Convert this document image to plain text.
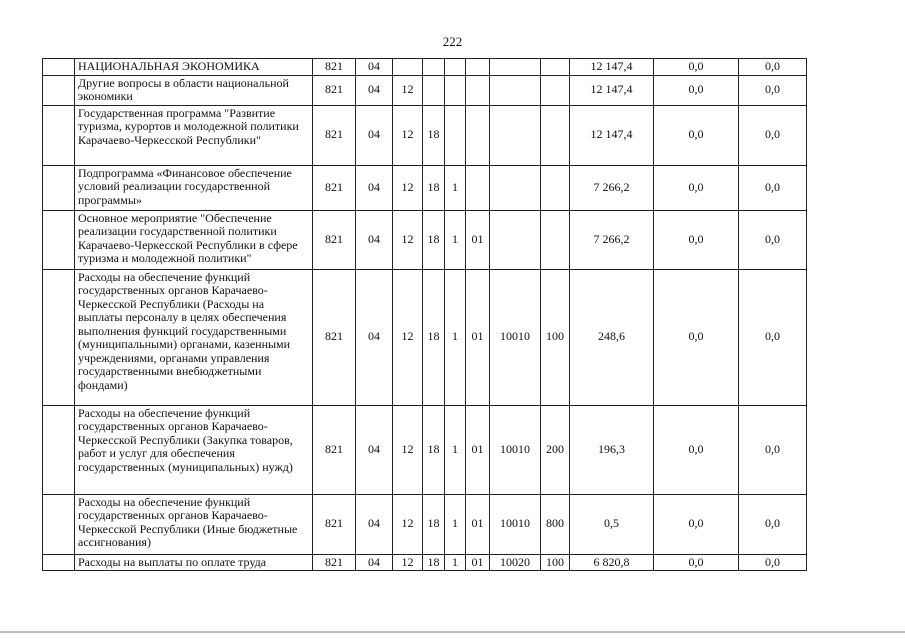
222
	НАЦИОНАЛЬНАЯ ЭКОНОМИКА	821	04							12 147,4	0,0	0,0
	Другие вопросы в области национальной экономики	821	04	12						12 147,4	0,0	0,0
	Государственная программа "Развитие туризма, курортов и молодежной политики Карачаево-Черкесской Республики"	821	04	12	18					12 147,4	0,0	0,0
	Подпрограмма «Финансовое обеспечение условий реализации государственной программы»	821	04	12	18	1				7 266,2	0,0	0,0
	Основное мероприятие "Обеспечение реализации государственной политики Карачаево-Черкесской Республики в сфере туризма и молодежной политики"	821	04	12	18	1	01			7 266,2	0,0	0,0
	Расходы на обеспечение функций государственных органов Карачаево-Черкесской Республики (Расходы на выплаты персоналу в целях обеспечения выполнения функций государственными (муниципальными) органами, казенными учреждениями, органами управления государственными внебюджетными фондами)	821	04	12	18	1	01	10010	100	248,6	0,0	0,0
	Расходы на обеспечение функций государственных органов Карачаево-Черкесской Республики (Закупка товаров, работ и услуг для обеспечения государственных (муниципальных) нужд)	821	04	12	18	1	01	10010	200	196,3	0,0	0,0
	Расходы на обеспечение функций государственных органов Карачаево-Черкесской Республики (Иные бюджетные ассигнования)	821	04	12	18	1	01	10010	800	0,5	0,0	0,0
	Расходы на выплаты по оплате труда	821	04	12	18	1	01	10020	100	6 820,8	0,0	0,0
